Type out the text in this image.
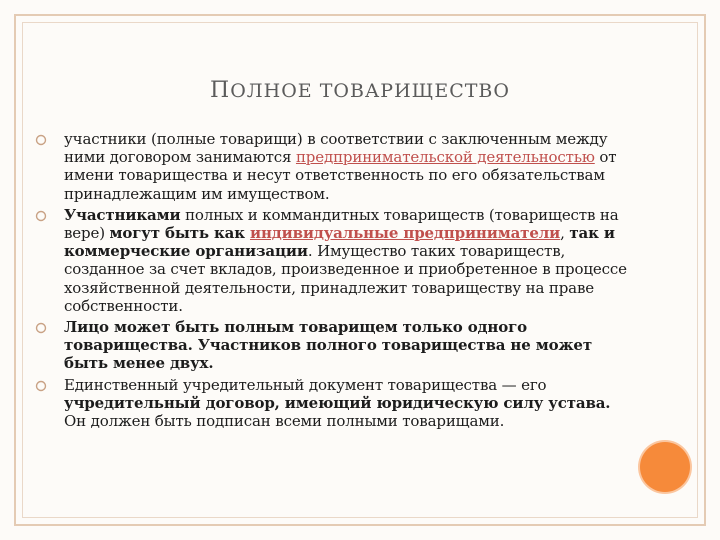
ПОЛНОЕ ТОВАРИЩЕСТВО
участники (полные товарищи) в соответствии с заключенным между ними договором занимаются предпринимательской деятельностью от имени товарищества и несут ответственность по его обязательствам принадлежащим им имуществом.
Участниками полных и коммандитных товариществ (товариществ на вере) могут быть как индивидуальные предприниматели, так и коммерческие организации. Имущество таких товариществ, созданное за счет вкладов, произведенное и приобретенное в процессе хозяйственной деятельности, принадлежит товариществу на праве собственности.
Лицо может быть полным товарищем только одного товарищества. Участников полного товарищества не может быть менее двух.
Единственный учредительный документ товарищества — его учредительный договор, имеющий юридическую силу устава. Он должен быть подписан всеми полными товарищами.
